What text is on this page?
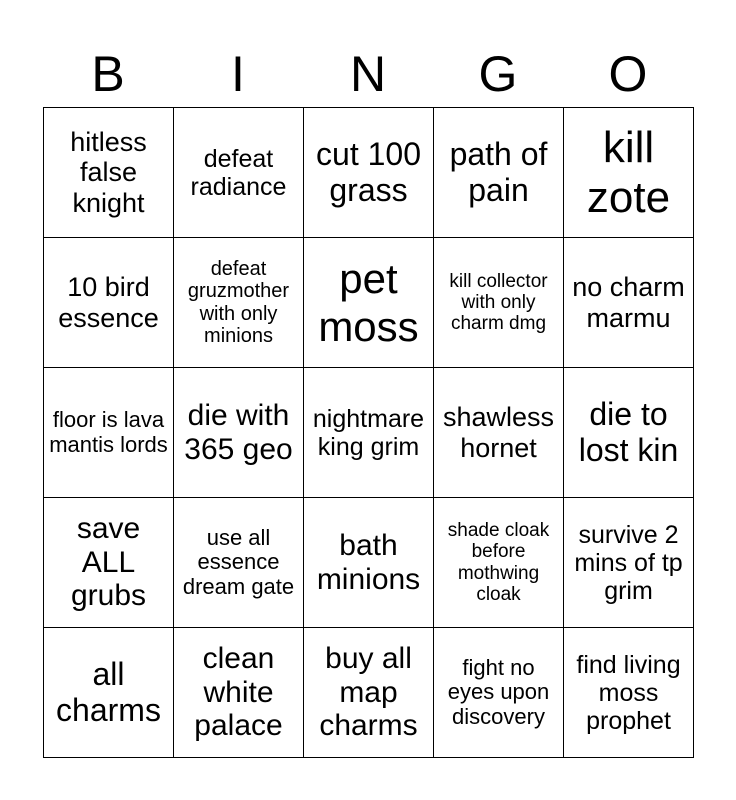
B	I	N	G	O
hitless false knight	defeat radiance	cut 100 grass	path of pain	kill zote
10 bird essence	defeat gruzmother with only minions	pet moss	kill collector with only charm dmg	no charm marmu
floor is lava mantis lords	die with 365 geo	nightmare king grim	shawless hornet	die to lost kin
save ALL grubs	use all essence dream gate	bath minions	shade cloak before mothwing cloak	survive 2 mins of tp grim
all charms	clean white palace	buy all map charms	fight no eyes upon discovery	find living moss prophet
